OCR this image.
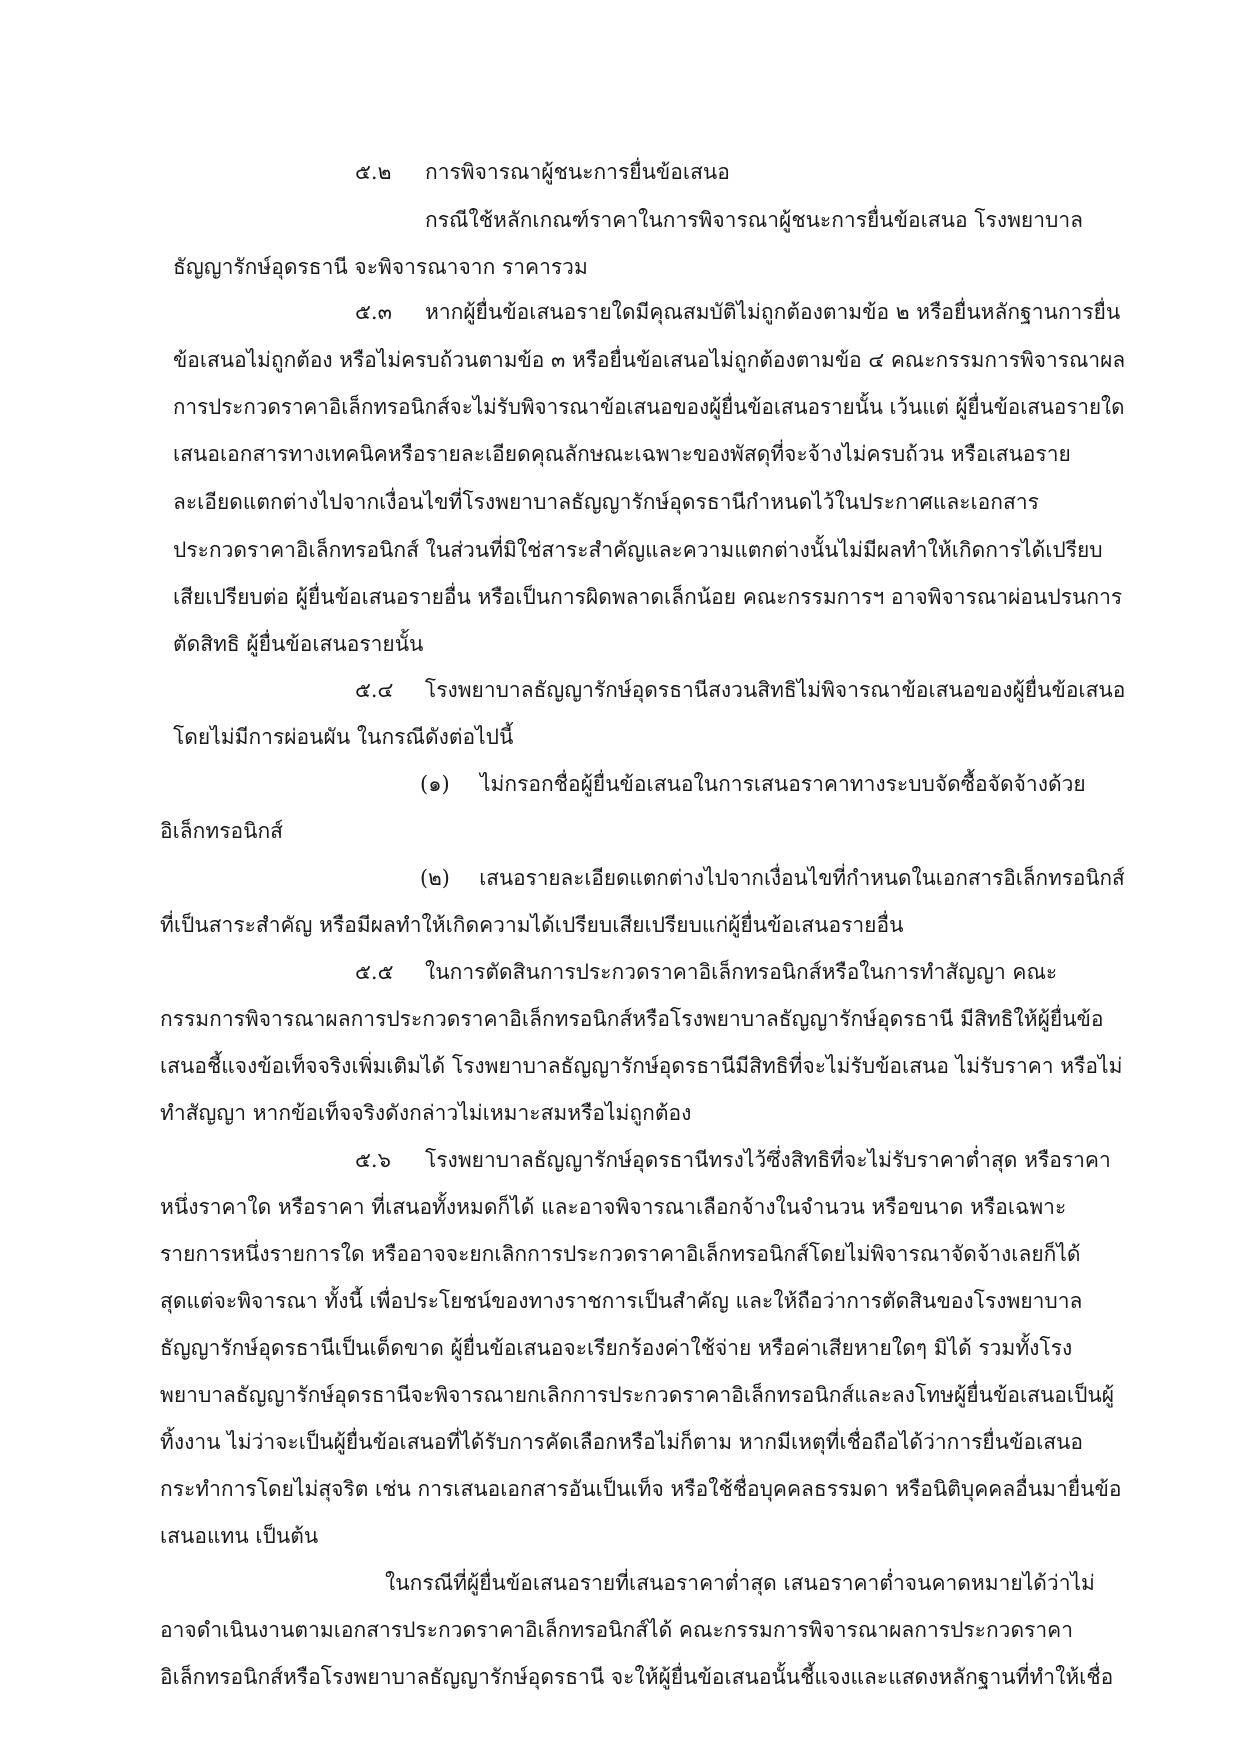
๕.๒ การพิจารณาผู้ชนะการยื่นข้อเสนอ
กรณีใช้หลักเกณฑ์ราคาในการพิจารณาผู้ชนะการยื่นข้อเสนอ โรงพยาบาล
ธัญญารักษ์อุดรธานี จะพิจารณาจาก ราคารวม
๕.๓ หากผู้ยื่นข้อเสนอรายใดมีคุณสมบัติไม่ถูกต้องตามข้อ ๒ หรือยื่นหลักฐานการยื่น
ข้อเสนอไม่ถูกต้อง หรือไม่ครบถ้วนตามข้อ ๓ หรือยื่นข้อเสนอไม่ถูกต้องตามข้อ ๔ คณะกรรมการพิจารณาผล
การประกวดราคาอิเล็กทรอนิกส์จะไม่รับพิจารณาข้อเสนอของผู้ยื่นข้อเสนอรายนั้น เว้นแต่ ผู้ยื่นข้อเสนอรายใด
เสนอเอกสารทางเทคนิคหรือรายละเอียดคุณลักษณะเฉพาะของพัสดุที่จะจ้างไม่ครบถ้วน หรือเสนอราย
ละเอียดแตกต่างไปจากเงื่อนไขที่โรงพยาบาลธัญญารักษ์อุดรธานีกำหนดไว้ในประกาศและเอกสาร
ประกวดราคาอิเล็กทรอนิกส์ ในส่วนที่มิใช่สาระสำคัญและความแตกต่างนั้นไม่มีผลทำให้เกิดการได้เปรียบ
เสียเปรียบต่อ ผู้ยื่นข้อเสนอรายอื่น หรือเป็นการผิดพลาดเล็กน้อย คณะกรรมการฯ อาจพิจารณาผ่อนปรนการ
ตัดสิทธิ ผู้ยื่นข้อเสนอรายนั้น
๕.๔ โรงพยาบาลธัญญารักษ์อุดรธานีสงวนสิทธิไม่พิจารณาข้อเสนอของผู้ยื่นข้อเสนอ
โดยไม่มีการผ่อนผัน ในกรณีดังต่อไปนี้
(๑) ไม่กรอกชื่อผู้ยื่นข้อเสนอในการเสนอราคาทางระบบจัดซื้อจัดจ้างด้วย
อิเล็กทรอนิกส์
(๒) เสนอรายละเอียดแตกต่างไปจากเงื่อนไขที่กำหนดในเอกสารอิเล็กทรอนิกส์
ที่เป็นสาระสำคัญ หรือมีผลทำให้เกิดความได้เปรียบเสียเปรียบแก่ผู้ยื่นข้อเสนอรายอื่น
๕.๕ ในการตัดสินการประกวดราคาอิเล็กทรอนิกส์หรือในการทำสัญญา คณะ
กรรมการพิจารณาผลการประกวดราคาอิเล็กทรอนิกส์หรือโรงพยาบาลธัญญารักษ์อุดรธานี มีสิทธิให้ผู้ยื่นข้อ
เสนอชี้แจงข้อเท็จจริงเพิ่มเติมได้ โรงพยาบาลธัญญารักษ์อุดรธานีมีสิทธิที่จะไม่รับข้อเสนอ ไม่รับราคา หรือไม่
ทำสัญญา หากข้อเท็จจริงดังกล่าวไม่เหมาะสมหรือไม่ถูกต้อง
๕.๖ โรงพยาบาลธัญญารักษ์อุดรธานีทรงไว้ซึ่งสิทธิที่จะไม่รับราคาต่ำสุด หรือราคา
หนึ่งราคาใด หรือราคา ที่เสนอทั้งหมดก็ได้ และอาจพิจารณาเลือกจ้างในจำนวน หรือขนาด หรือเฉพาะ
รายการหนึ่งรายการใด หรืออาจจะยกเลิกการประกวดราคาอิเล็กทรอนิกส์โดยไม่พิจารณาจัดจ้างเลยก็ได้
สุดแต่จะพิจารณา ทั้งนี้ เพื่อประโยชน์ของทางราชการเป็นสำคัญ และให้ถือว่าการตัดสินของโรงพยาบาล
ธัญญารักษ์อุดรธานีเป็นเด็ดขาด ผู้ยื่นข้อเสนอจะเรียกร้องค่าใช้จ่าย หรือค่าเสียหายใดๆ มิได้ รวมทั้งโรง
พยาบาลธัญญารักษ์อุดรธานีจะพิจารณายกเลิกการประกวดราคาอิเล็กทรอนิกส์และลงโทษผู้ยื่นข้อเสนอเป็นผู้
ทิ้งงาน ไม่ว่าจะเป็นผู้ยื่นข้อเสนอที่ได้รับการคัดเลือกหรือไม่ก็ตาม หากมีเหตุที่เชื่อถือได้ว่าการยื่นข้อเสนอ
กระทำการโดยไม่สุจริต เช่น การเสนอเอกสารอันเป็นเท็จ หรือใช้ชื่อบุคคลธรรมดา หรือนิติบุคคลอื่นมายื่นข้อ
เสนอแทน เป็นต้น
ในกรณีที่ผู้ยื่นข้อเสนอรายที่เสนอราคาต่ำสุด เสนอราคาต่ำจนคาดหมายได้ว่าไม่
อาจดำเนินงานตามเอกสารประกวดราคาอิเล็กทรอนิกส์ได้ คณะกรรมการพิจารณาผลการประกวดราคา
อิเล็กทรอนิกส์หรือโรงพยาบาลธัญญารักษ์อุดรธานี จะให้ผู้ยื่นข้อเสนอนั้นชี้แจงและแสดงหลักฐานที่ทำให้เชื่อ
